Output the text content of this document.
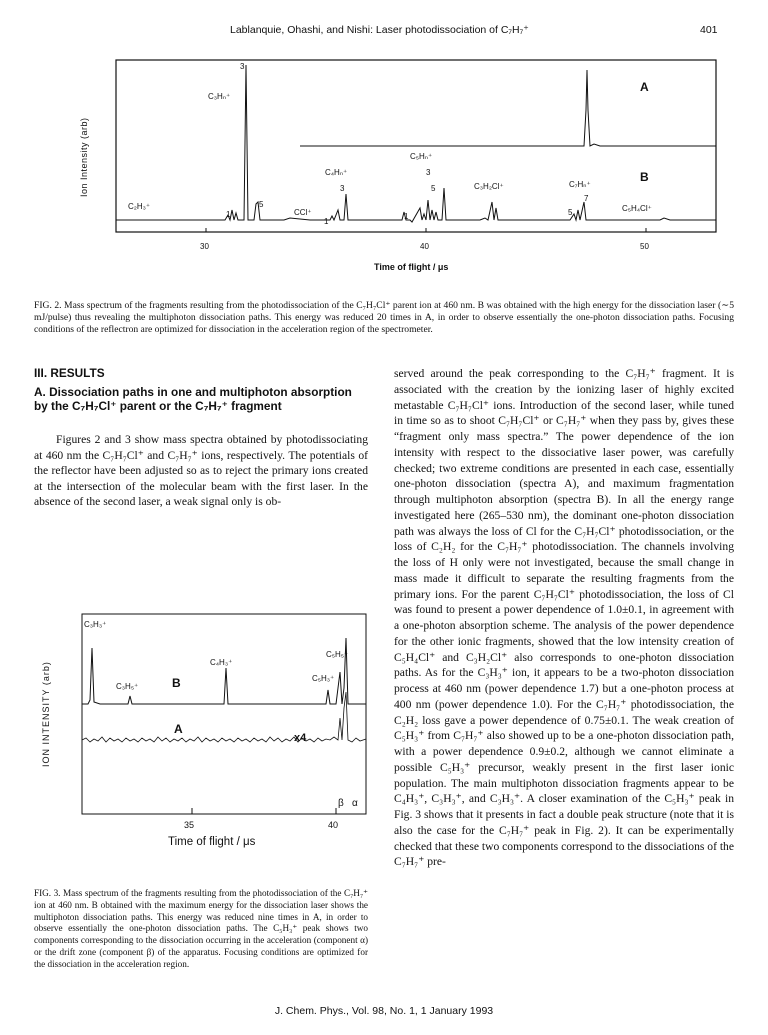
Lablanquie, Ohashi, and Nishi: Laser photodissociation of C₇H₇⁺	401
Ion Intensity (arb)
A
B
C₃Hₙ⁺
3
C₂H₃⁺
1
5
C₄Hₙ⁺
3
CCl⁺
1
C₅Hₙ⁺
3
1
5	C₃H₂Cl⁺	C₇Hₙ⁺
5
7
C₅H₄Cl⁺
30	40	50
Time of flight / μs
FIG. 2. Mass spectrum of the fragments resulting from the photodissociation of the C₇H₇Cl⁺ parent ion at 460 nm. B was obtained with the high energy for the dissociation laser (∼5 mJ/pulse) thus revealing the multiphoton dissociation paths. This energy was reduced 20 times in A, in order to observe essentially the one-photon dissociation paths. Focusing conditions of the reflectron are optimized for dissociation in the acceleration region of the spectrometer.
III. RESULTS
A. Dissociation paths in one and multiphoton absorption by the C₇H₇Cl⁺ parent or the C₇H₇⁺ fragment
Figures 2 and 3 show mass spectra obtained by photodissociating at 460 nm the C₇H₇Cl⁺ and C₇H₇⁺ ions, respectively. The potentials of the reflector have been adjusted so as to reject the primary ions created at the intersection of the molecular beam with the first laser. In the absence of the second laser, a weak signal only is ob-
ION INTENSITY (arb)	B
A
x4
C₃H₃⁺
C₃H₅⁺
C₄H₃⁺
C₅H₅⁺
C₅H₃⁺
β α
35	40
Time of flight / μs
FIG. 3. Mass spectrum of the fragments resulting from the photodissociation of the C₇H₇⁺ ion at 460 nm. B obtained with the maximum energy for the dissociation laser shows the multiphoton dissociation paths. This energy was reduced nine times in A, in order to observe essentially the one-photon dissociation paths. The C₅H₃⁺ peak shows two components corresponding to the dissociation occurring in the acceleration (component α) or the drift zone (component β) of the apparatus. Focusing conditions are optimized for the dissociation in the acceleration region.
served around the peak corresponding to the C₇H₇⁺ fragment. It is associated with the creation by the ionizing laser of highly excited metastable C₇H₇Cl⁺ ions. Introduction of the second laser, while tuned in time so as to shoot C₇H₇Cl⁺ or C₇H₇⁺ when they pass by, gives these “fragment only mass spectra.” The power dependence of the ion intensity with respect to the dissociative laser power, was carefully checked; two extreme conditions are presented in each case, essentially one-photon dissociation (spectra A), and maximum fragmentation through multiphoton absorption (spectra B). In all the energy range investigated here (265–530 nm), the dominant one-photon dissociation path was always the loss of Cl for the C₇H₇Cl⁺ photodissociation, or the loss of C₂H₂ for the C₇H₇⁺ photodissociation. The channels involving the loss of H only were not investigated, because the small change in mass made it difficult to separate the resulting fragments from the primary ions. For the parent C₇H₇Cl⁺ photodissociation, the loss of Cl was found to present a power dependence of 1.0±0.1, in agreement with a one-photon absorption scheme. The analysis of the power dependence for the other ionic fragments, showed that the low intensity creation of C₅H₄Cl⁺ and C₃H₂Cl⁺ also corresponds to one-photon dissociation paths. As for the C₃H₃⁺ ion, it appears to be a two-photon dissociation process at 460 nm (power dependence 1.7) but a one-photon process at 400 nm (power dependence 1.0). For the C₇H₇⁺ photodissociation, the C₂H₂ loss gave a power dependence of 0.75±0.1. The weak creation of C₅H₃⁺ from C₇H₇⁺ also showed up to be a one-photon dissociation path, with a power dependence 0.9±0.2, although we cannot eliminate a possible C₅H₃⁺ precursor, weakly present in the first laser ionic population. The main multiphoton dissociation fragments appear to be C₄H₃⁺, C₃H₃⁺, and C₃H₃⁺. A closer examination of the C₅H₃⁺ peak in Fig. 3 shows that it presents in fact a double peak structure (note that it is also the case for the C₇H₇⁺ peak in Fig. 2). It can be experimentally checked that these two components correspond to the dissociations of the C₇H₇⁺ pre-
J. Chem. Phys., Vol. 98, No. 1, 1 January 1993
